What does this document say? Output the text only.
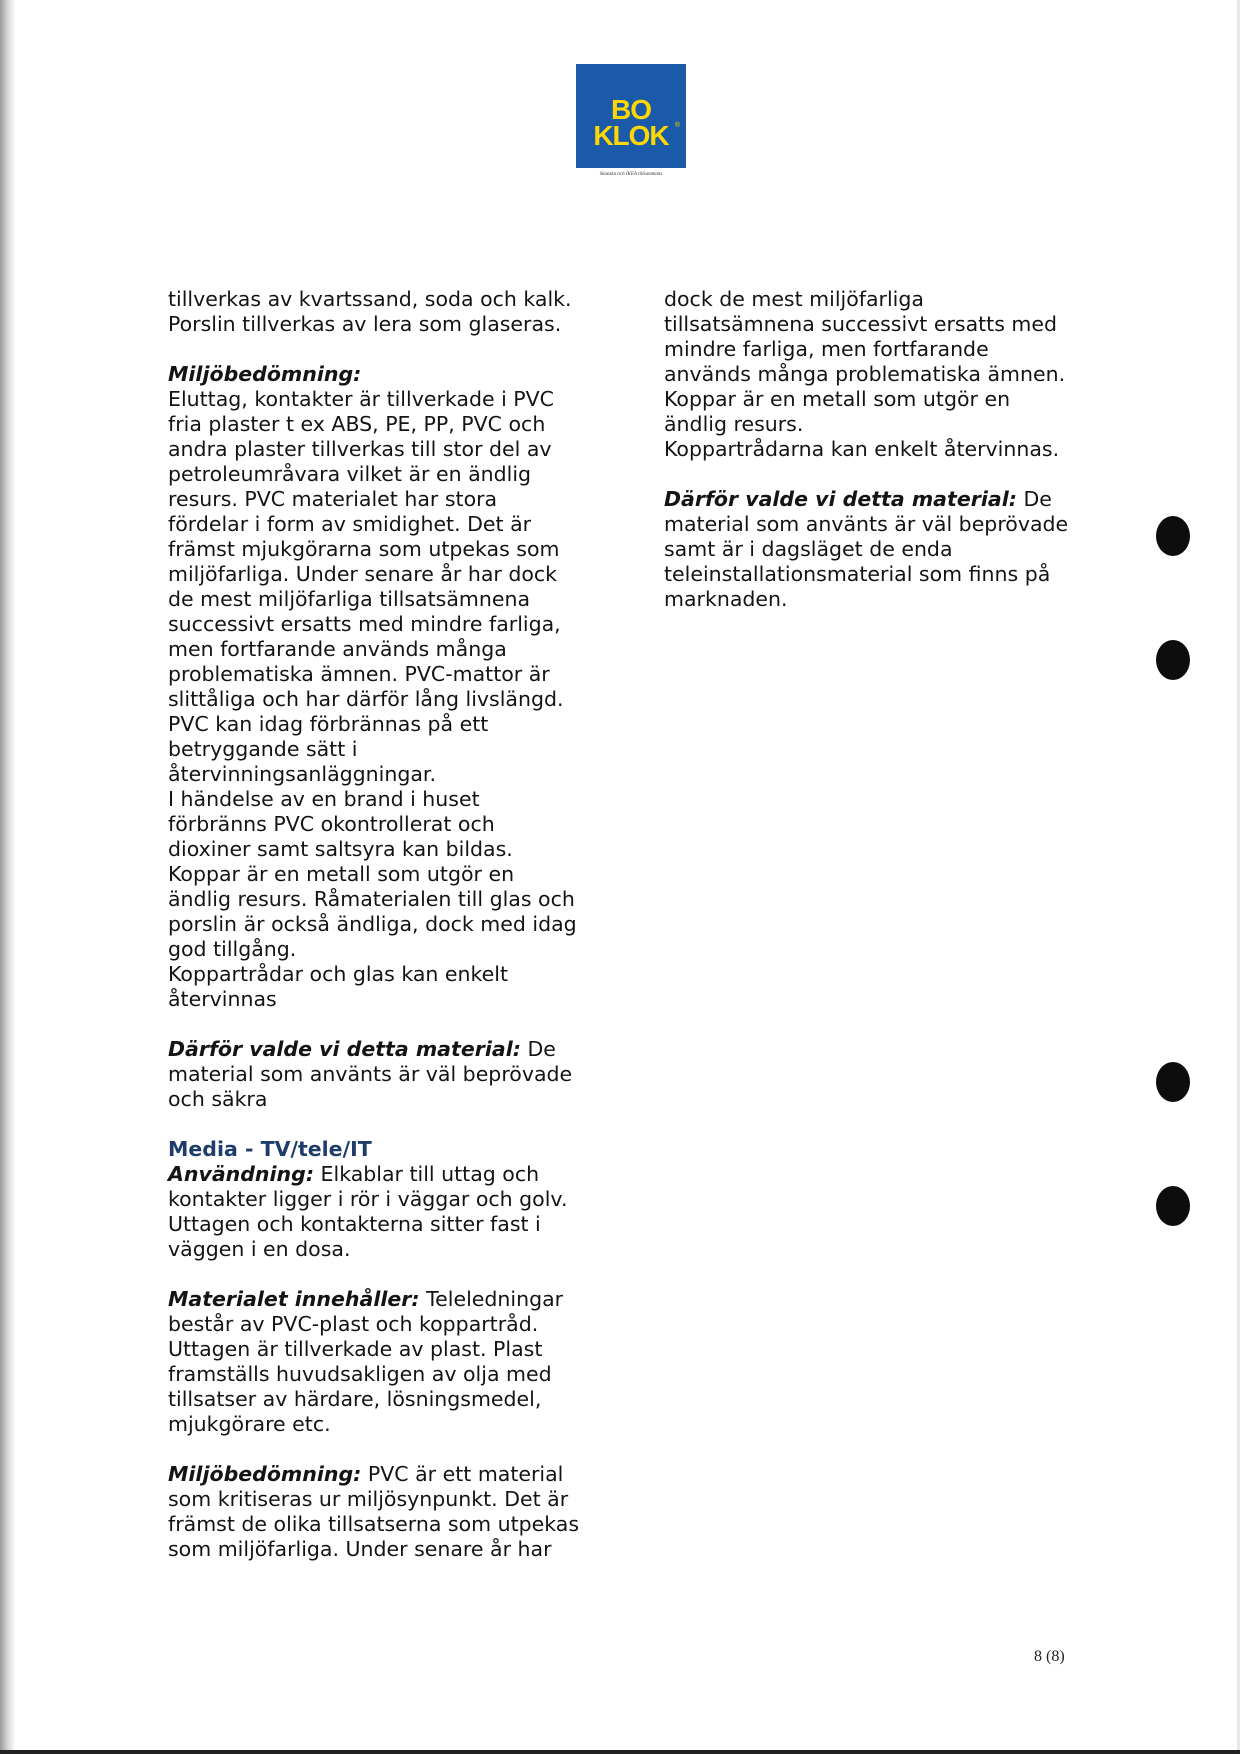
BO
KLOK ®
Skanska och IKEA tillsammans

tillverkas av kvartssand, soda och kalk.

Porslin tillverkas av lera som glaseras.

Miljöbedömning:

Eluttag, kontakter är tillverkade i PVC

fria plaster t ex ABS, PE, PP, PVC och

andra plaster tillverkas till stor del av

petroleumråvara vilket är en ändlig

resurs. PVC materialet har stora

fördelar i form av smidighet. Det är

främst mjukgörarna som utpekas som

miljöfarliga. Under senare år har dock

de mest miljöfarliga tillsatsämnena

successivt ersatts med mindre farliga,

men fortfarande används många

problematiska ämnen. PVC-mattor är

slittåliga och har därför lång livslängd.

PVC kan idag förbrännas på ett

betryggande sätt i

återvinningsanläggningar.

I händelse av en brand i huset

förbränns PVC okontrollerat och

dioxiner samt saltsyra kan bildas.

Koppar är en metall som utgör en

ändlig resurs. Råmaterialen till glas och

porslin är också ändliga, dock med idag

god tillgång.

Koppartrådar och glas kan enkelt

återvinnas

Därför valde vi detta material: De

material som använts är väl beprövade

och säkra

Media - TV/tele/IT

Användning: Elkablar till uttag och

kontakter ligger i rör i väggar och golv.

Uttagen och kontakterna sitter fast i

väggen i en dosa.

Materialet innehåller: Teleledningar

består av PVC-plast och koppartråd.

Uttagen är tillverkade av plast. Plast

framställs huvudsakligen av olja med

tillsatser av härdare, lösningsmedel,

mjukgörare etc.

Miljöbedömning: PVC är ett material

som kritiseras ur miljösynpunkt. Det är

främst de olika tillsatserna som utpekas

som miljöfarliga. Under senare år har

dock de mest miljöfarliga

tillsatsämnena successivt ersatts med

mindre farliga, men fortfarande

används många problematiska ämnen.

Koppar är en metall som utgör en

ändlig resurs.

Koppartrådarna kan enkelt återvinnas.

Därför valde vi detta material: De

material som använts är väl beprövade

samt är i dagsläget de enda

teleinstallationsmaterial som finns på

marknaden.

8 (8)
